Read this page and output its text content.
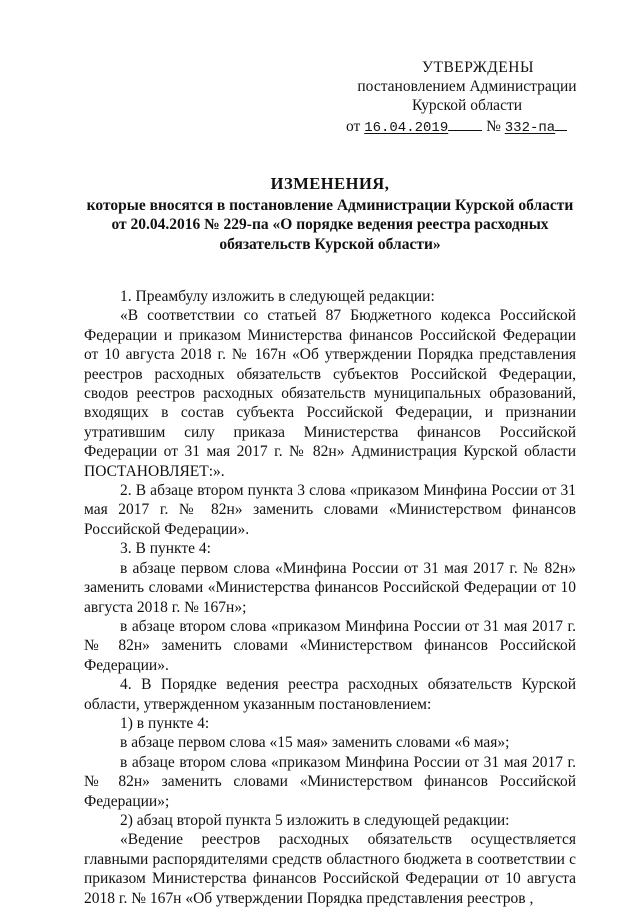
УТВЕРЖДЕНЫ
постановлением Администрации
Курской области
от 16.04.2019 № 332-па
ИЗМЕНЕНИЯ,
которые вносятся в постановление Администрации Курской области
от 20.04.2016 № 229-па «О порядке ведения реестра расходных
обязательств Курской области»

1. Преамбулу изложить в следующей редакции:

«В соответствии со статьей 87 Бюджетного кодекса Российской Федерации и приказом Министерства финансов Российской Федерации от 10 августа 2018 г. № 167н «Об утверждении Порядка представления реестров расходных обязательств субъектов Российской Федерации, сводов реестров расходных обязательств муниципальных образований, входящих в состав субъекта Российской Федерации, и признании утратившим силу приказа Министерства финансов Российской Федерации от 31 мая 2017 г. № 82н» Администрация Курской области ПОСТАНОВЛЯЕТ:».

2. В абзаце втором пункта 3 слова «приказом Минфина России от 31 мая 2017 г. № 82н» заменить словами «Министерством финансов Российской Федерации».

3. В пункте 4:

в абзаце первом слова «Минфина России от 31 мая 2017 г. № 82н» заменить словами «Министерства финансов Российской Федерации от 10 августа 2018 г. № 167н»;

в абзаце втором слова «приказом Минфина России от 31 мая 2017 г. № 82н» заменить словами «Министерством финансов Российской Федерации».

4. В Порядке ведения реестра расходных обязательств Курской области, утвержденном указанным постановлением:

1) в пункте 4:

в абзаце первом слова «15 мая» заменить словами «6 мая»;

в абзаце втором слова «приказом Минфина России от 31 мая 2017 г. № 82н» заменить словами «Министерством финансов Российской Федерации»;

2) абзац второй пункта 5 изложить в следующей редакции:

«Ведение реестров расходных обязательств осуществляется главными распорядителями средств областного бюджета в соответствии с приказом Министерства финансов Российской Федерации от 10 августа 2018 г. № 167н «Об утверждении Порядка представления реестров ,
